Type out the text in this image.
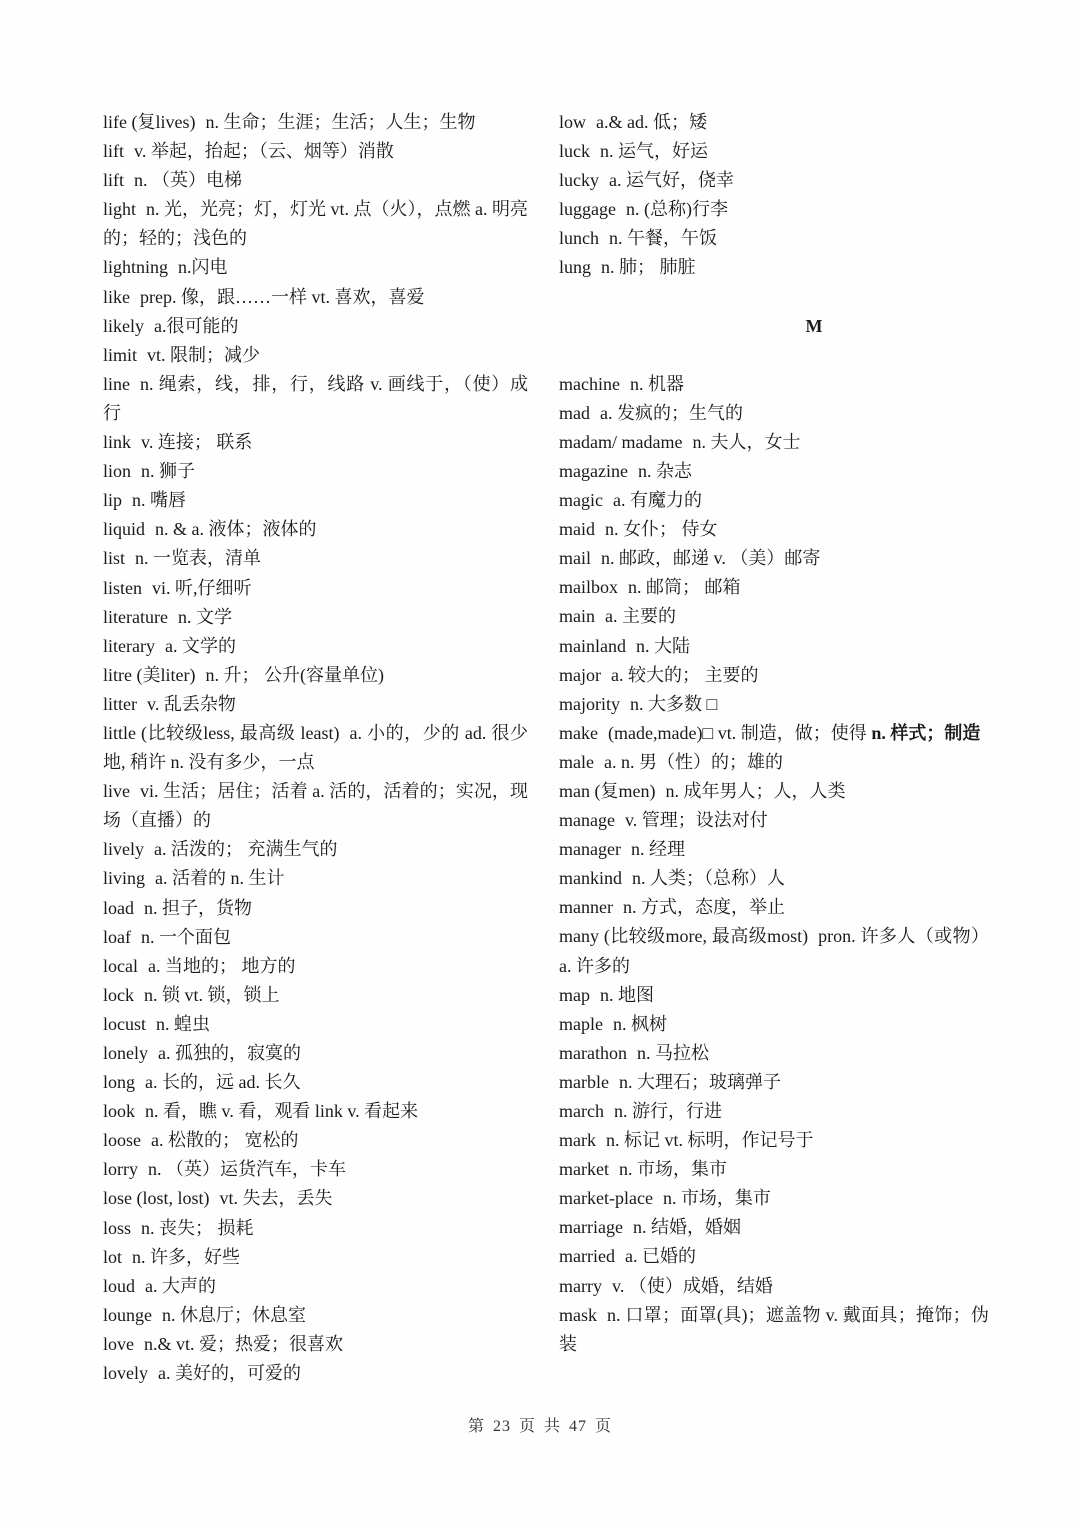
life (复lives) n. 生命；生涯；生活；人生；生物
lift v. 举起，抬起；（云、烟等）消散
lift n. （英）电梯
light n. 光，光亮；灯，灯光 vt. 点（火），点燃 a. 明亮的；轻的；浅色的
lightning n.闪电
like prep. 像，跟……一样 vt. 喜欢，喜爱
likely a.很可能的
limit vt. 限制；减少
line n. 绳索，线，排，行，线路 v. 画线于，（使）成行
link v. 连接； 联系
lion n. 狮子
lip n. 嘴唇
liquid n. & a. 液体；液体的
list n. 一览表，清单
listen vi. 听,仔细听
literature n. 文学
literary a. 文学的
litre (美liter) n. 升； 公升(容量单位)
litter v. 乱丢杂物
little (比较级less, 最高级 least) a. 小的，少的 ad. 很少地, 稍许 n. 没有多少，一点
live vi. 生活；居住；活着 a. 活的，活着的；实况，现场（直播）的
lively a. 活泼的； 充满生气的
living a. 活着的 n. 生计
load n. 担子，货物
loaf n. 一个面包
local a. 当地的； 地方的
lock n. 锁 vt. 锁，锁上
locust n. 蝗虫
lonely a. 孤独的，寂寞的
long a. 长的，远 ad. 长久
look n. 看，瞧 v. 看，观看 link v. 看起来
loose a. 松散的； 宽松的
lorry n. （英）运货汽车，卡车
lose (lost, lost) vt. 失去，丢失
loss n. 丧失； 损耗
lot n. 许多，好些
loud a. 大声的
lounge n. 休息厅；休息室
love n.& vt. 爱；热爱；很喜欢
lovely a. 美好的，可爱的
low a.& ad. 低；矮
luck n. 运气，好运
lucky a. 运气好，侥幸
luggage n. (总称)行李
lunch n. 午餐，午饭
lung n. 肺； 肺脏
M
machine n. 机器
mad a. 发疯的；生气的
madam/ madame n. 夫人，女士
magazine n. 杂志
magic a. 有魔力的
maid n. 女仆； 侍女
mail n. 邮政，邮递 v. （美）邮寄
mailbox n. 邮筒； 邮箱
main a. 主要的
mainland n. 大陆
major a. 较大的； 主要的
majority n. 大多数 □
make (made,made)□ vt. 制造，做；使得 n. 样式；制造
male a. n. 男（性）的；雄的
man (复men) n. 成年男人；人，人类
manage v. 管理；设法对付
manager n. 经理
mankind n. 人类；（总称）人
manner n. 方式，态度，举止
many (比较级more, 最高级most) pron. 许多人（或物） a. 许多的
map n. 地图
maple n. 枫树
marathon n. 马拉松
marble n. 大理石；玻璃弹子
march n. 游行，行进
mark n. 标记 vt. 标明，作记号于
market n. 市场，集市
market-place n. 市场，集市
marriage n. 结婚，婚姻
married a. 已婚的
marry v. （使）成婚，结婚
mask n. 口罩；面罩(具)；遮盖物 v. 戴面具；掩饰；伪装
第 23 页 共 47 页
